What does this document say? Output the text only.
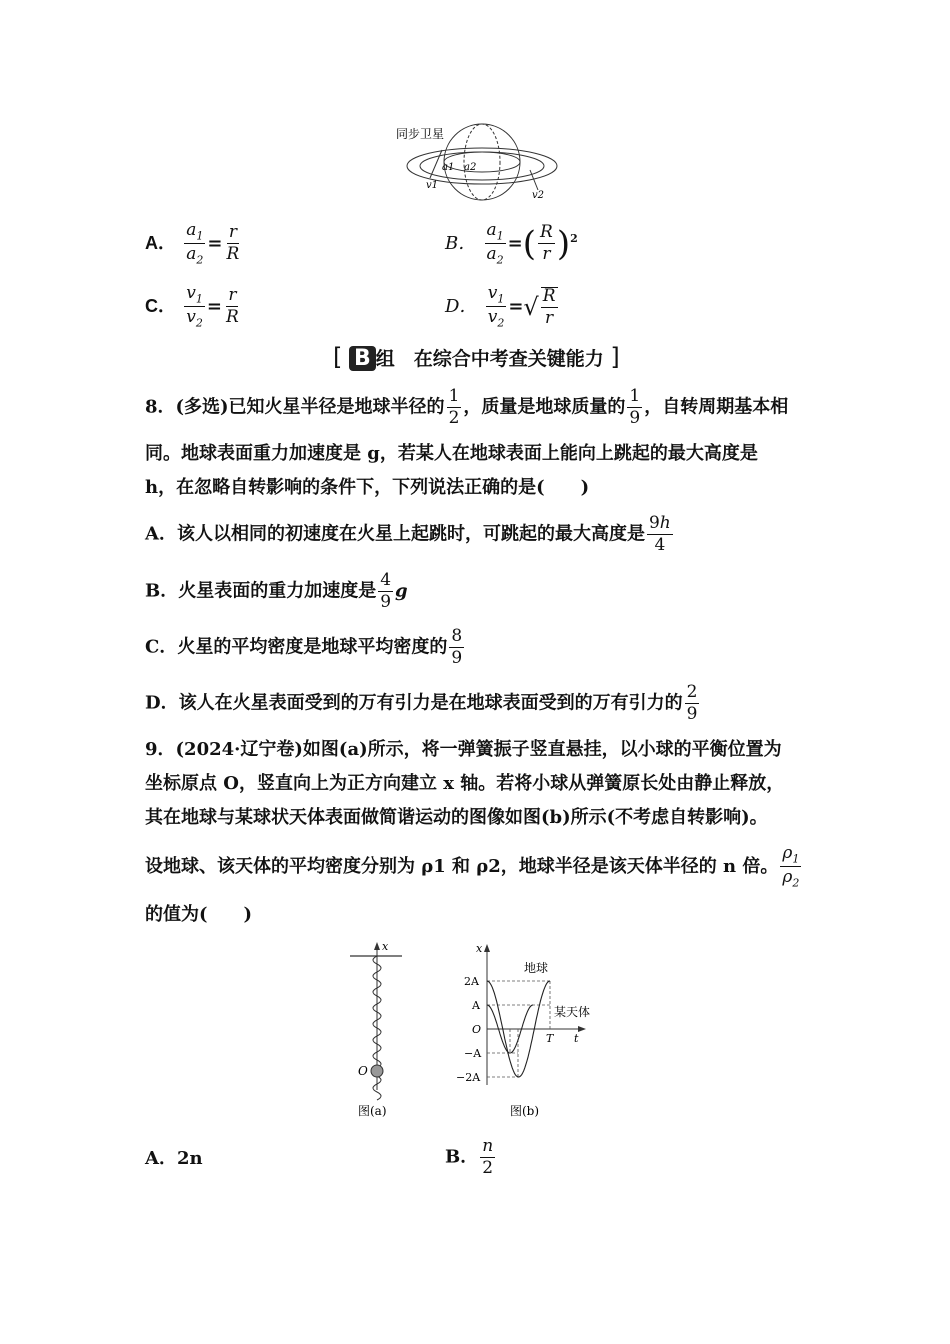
同步卫星
a1 a2
v1
v2
A． $\frac{a_1}{a_2} = \frac{r}{R}$	B． $\frac{a_1}{a_2}$ =( $\frac{R}{r} )^2$
C． $\frac{v_1}{v_2} = \frac{r}{R}$	D． $\frac{v_1}{v_2}$ =√ $\frac{R}{r}$
[ B 组　在综合中考查关键能力 ]
8．(多选)已知火星半径是地球半径的 $\frac{1}{2}$ ，质量是地球质量的 $\frac{1}{9}$ ，自转周期基本相
同。地球表面重力加速度是 g，若某人在地球表面上能向上跳起的最大高度是
h，在忽略自转影响的条件下，下列说法正确的是(　　)
A．该人以相同的初速度在火星上起跳时，可跳起的最大高度是 $\frac{9h}{4}$
B．火星表面的重力加速度是 $\frac{4}{9}$ g
C．火星的平均密度是地球平均密度的 $\frac{8}{9}$
D．该人在火星表面受到的万有引力是在地球表面受到的万有引力的 $\frac{2}{9}$
9．(2024·辽宁卷)如图(a)所示，将一弹簧振子竖直悬挂，以小球的平衡位置为
坐标原点 O，竖直向上为正方向建立 x 轴。若将小球从弹簧原长处由静止释放，
其在地球与某球状天体表面做简谐运动的图像如图(b)所示(不考虑自转影响)。
设地球、该天体的平均密度分别为 ρ1 和 ρ2，地球半径是该天体半径的 n 倍。 $\frac{\rho_1}{\rho_2}$
的值为(　　)
x
O
图(a)
x
t
2A
A
O
−A
−2A
T
地球
某天体
图(b)
A．2n	B． $\frac{n}{2}$
